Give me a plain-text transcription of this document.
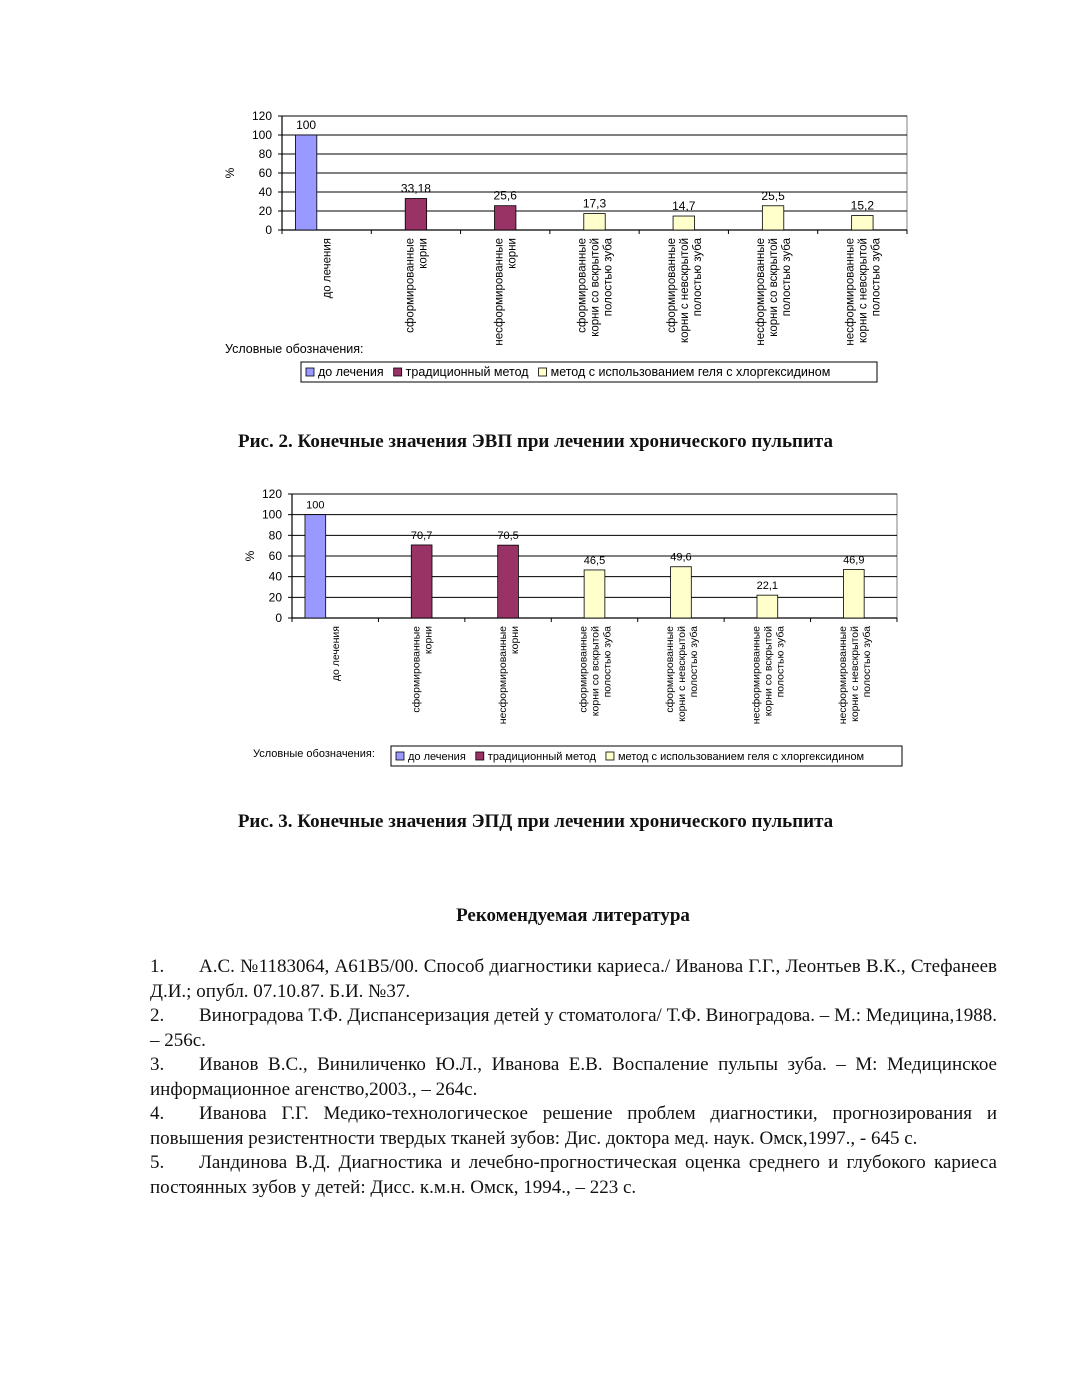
0
20
40
60
80
100
120
%
100
до лечения
33,18
сформированные корни
25,6
несформированные корни
17,3
сформированные корни со вскрытой полостью зуба
14,7
сформированные корни с невскрытой полостью зуба
25,5
несформированные корни со вскрытой полостью зуба
15,2
несформированные корни с невскрытой полостью зуба
Условные обозначения:
до лечения традиционный метод метод с использованием геля с хлоргексидином
Рис. 2. Конечные значения ЭВП при лечении хронического пульпита
0
20
40
60
80
100
120
%
100
до лечения
70,7
сформированные корни
70,5
несформированные корни
46,5
сформированные корни со вскрытой полостью зуба
49,6
сформированные корни с невскрытой полостью зуба
22,1
несформированные корни со вскрытой полостью зуба
46,9
несформированные корни с невскрытой полостью зуба
Условные обозначения:	до лечения традиционный метод метод с использованием геля с хлоргексидином
Рис. 3. Конечные значения ЭПД при лечении хронического пульпита
Рекомендуемая литература
1. А.С. №1183064, А61В5/00. Способ диагностики кариеса./ Иванова Г.Г., Леонтьев В.К., Стефанеев Д.И.; опубл. 07.10.87. Б.И. №37.
2. Виноградова Т.Ф. Диспансеризация детей у стоматолога/ Т.Ф. Виноградова. – М.: Медицина,1988. – 256с.
3. Иванов В.С., Виниличенко Ю.Л., Иванова Е.В. Воспаление пульпы зуба. – М: Медицинское информационное агенство,2003., – 264с.
4. Иванова Г.Г. Медико-технологическое решение проблем диагностики, прогнозирования и повышения резистентности твердых тканей зубов: Дис. доктора мед. наук. Омск,1997., - 645 с.
5. Ландинова В.Д. Диагностика и лечебно-прогностическая оценка среднего и глубокого кариеса постоянных зубов у детей: Дисс. к.м.н. Омск, 1994., – 223 с.
